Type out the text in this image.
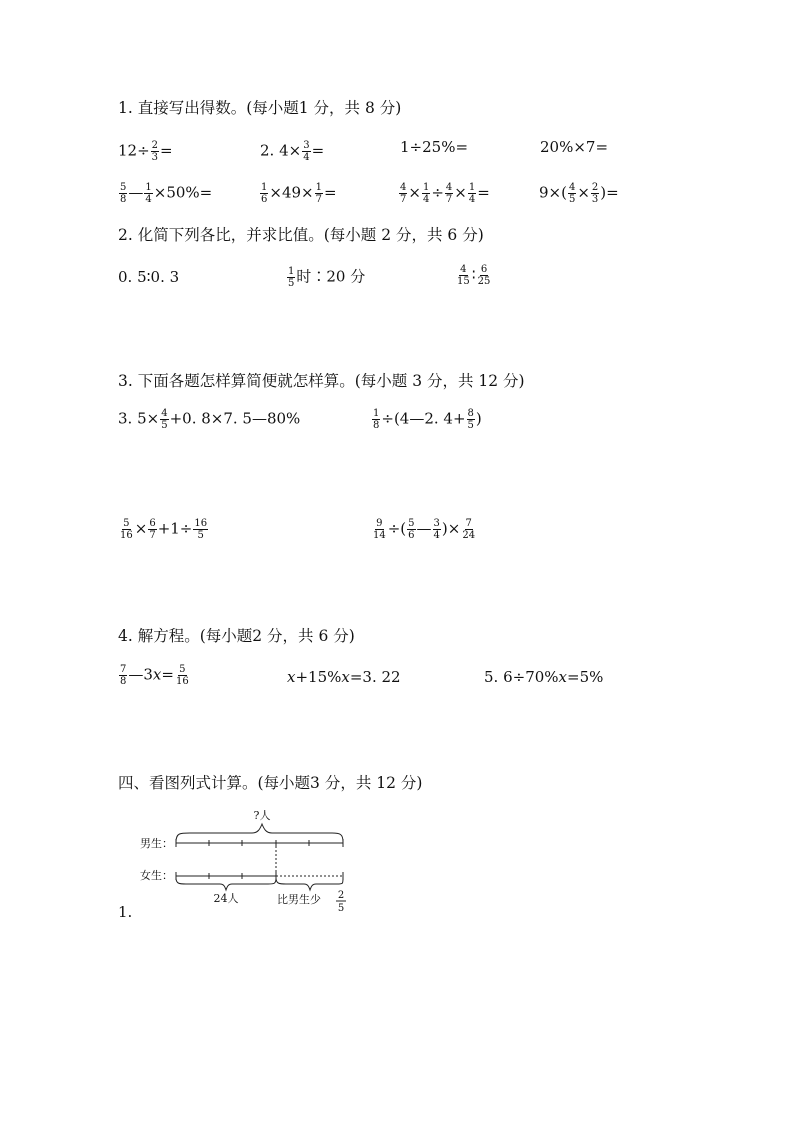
1. 直接写出得数。(每小题1 分，共 8 分)
$12\div \frac{2}{3}$ =	2. $4\times \frac{3}{4}$ =	1÷25%=	20%×7=
$\frac{5}{8}$ — $\frac{1}{4} \times 50\%=$	$\frac{1}{6} \times 49\times \frac{1}{7}$ =	$\frac{4}{7} \times \frac{1}{4} \div \frac{4}{7} \times \frac{1}{4}$ =	$9\times( \frac{4}{5} \times \frac{2}{3}$ )=
2. 化简下列各比，并求比值。(每小题 2 分，共 6 分)
0. 5∶0. 3	$\frac{1}{5}$ 时∶20 分	$\frac{4}{15}$ ∶ $\frac{6}{25}$
3. 下面各题怎样算简便就怎样算。(每小题 3 分，共 12 分)
3. $5\times \frac{4}{5} +0$. 8×7. 5—80%	$\frac{1}{8}$ ÷(4—2. $4+ \frac{8}{5}$ )
$\frac{5}{16} \times \frac{6}{7} +1\div \frac{16}{5}$	$\frac{9}{14}$ ÷( $\frac{5}{6}$ — $\frac{3}{4}$ )× $\frac{7}{24}$
4. 解方程。(每小题2 分，共 6 分)
$\frac{7}{8}$ —3x= $\frac{5}{16}$	x+15%x=3. 22	5. 6÷70%x=5%
四、看图列式计算。(每小题3 分，共 12 分)
?人
男生：
女生：
24人	比男生少 2
5
1.
